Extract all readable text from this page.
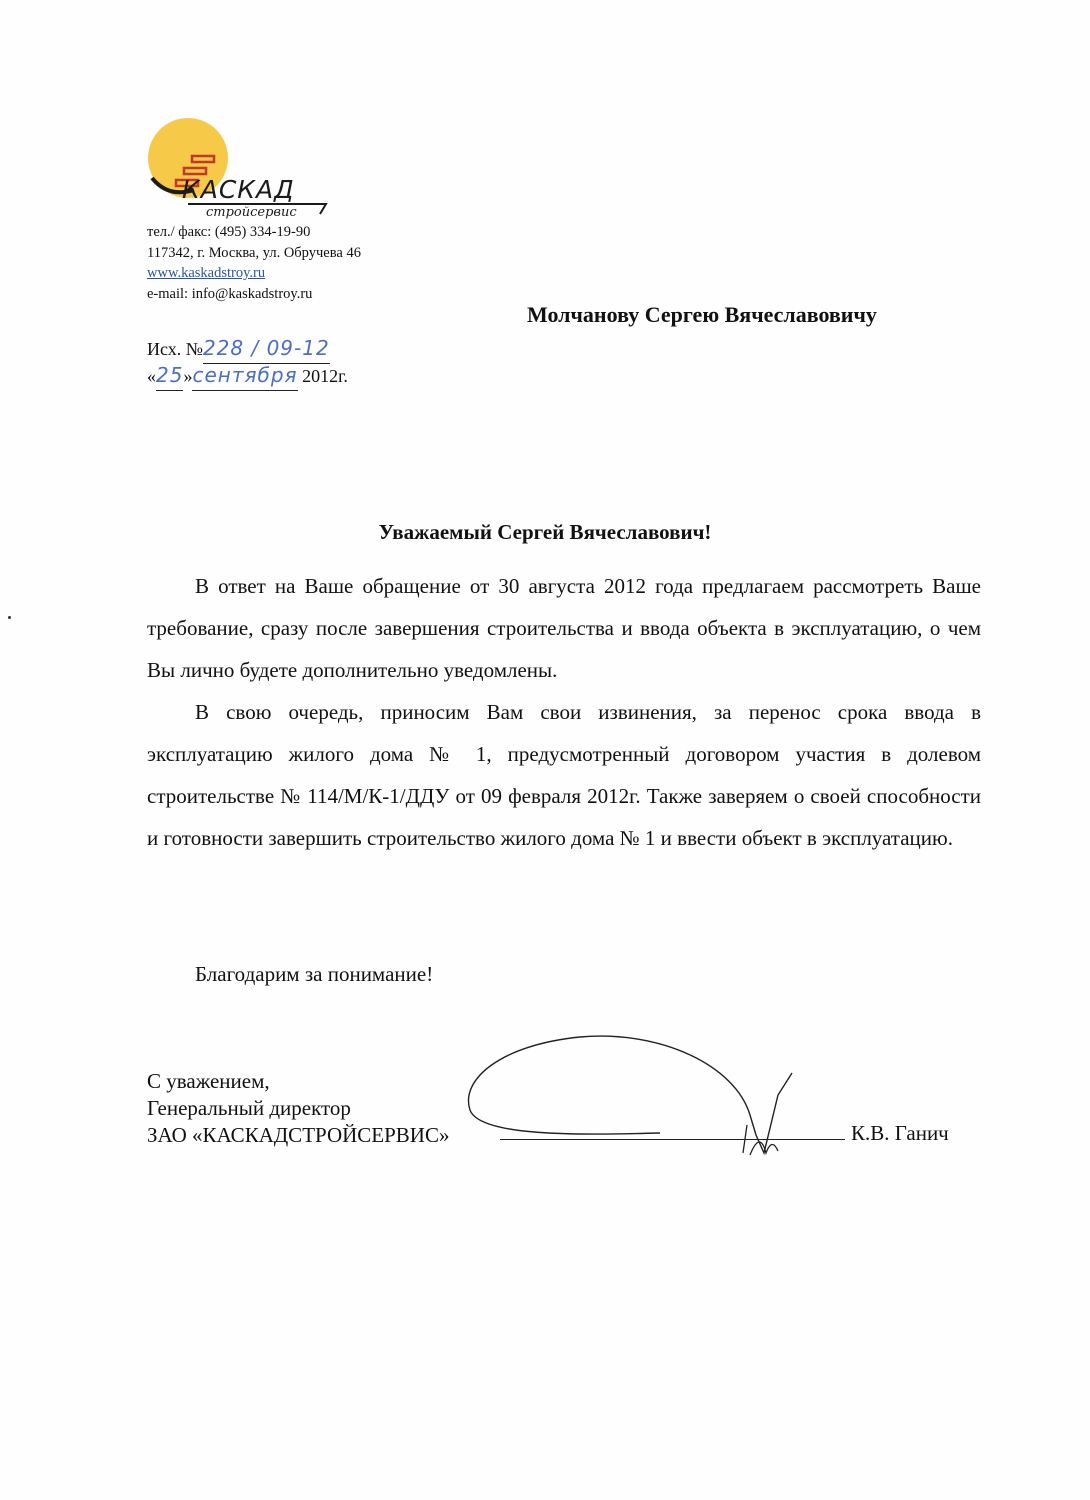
КАСКАД
стройсервис
тел./ факс: (495) 334-19-90
117342, г. Москва, ул. Обручева 46
www.kaskadstroy.ru
e-mail: info@kaskadstroy.ru
Молчанову Сергею Вячеславовичу
Исх. №228 / 09-12
«25»сентября 2012г.
Уважаемый Сергей Вячеславович!

В ответ на Ваше обращение от 30 августа 2012 года предлагаем рассмотреть Ваше требование, сразу после завершения строительства и ввода объекта в эксплуатацию, о чем Вы лично будете дополнительно уведомлены.

В свою очередь, приносим Вам свои извинения, за перенос срока ввода в эксплуатацию жилого дома № 1, предусмотренный договором участия в долевом строительстве № 114/М/К-1/ДДУ от 09 февраля 2012г. Также заверяем о своей способности и готовности завершить строительство жилого дома № 1 и ввести объект в эксплуатацию.

Благодарим за понимание!
С уважением,
Генеральный директор
ЗАО «КАСКАДСТРОЙСЕРВИС»	К.В. Ганич
